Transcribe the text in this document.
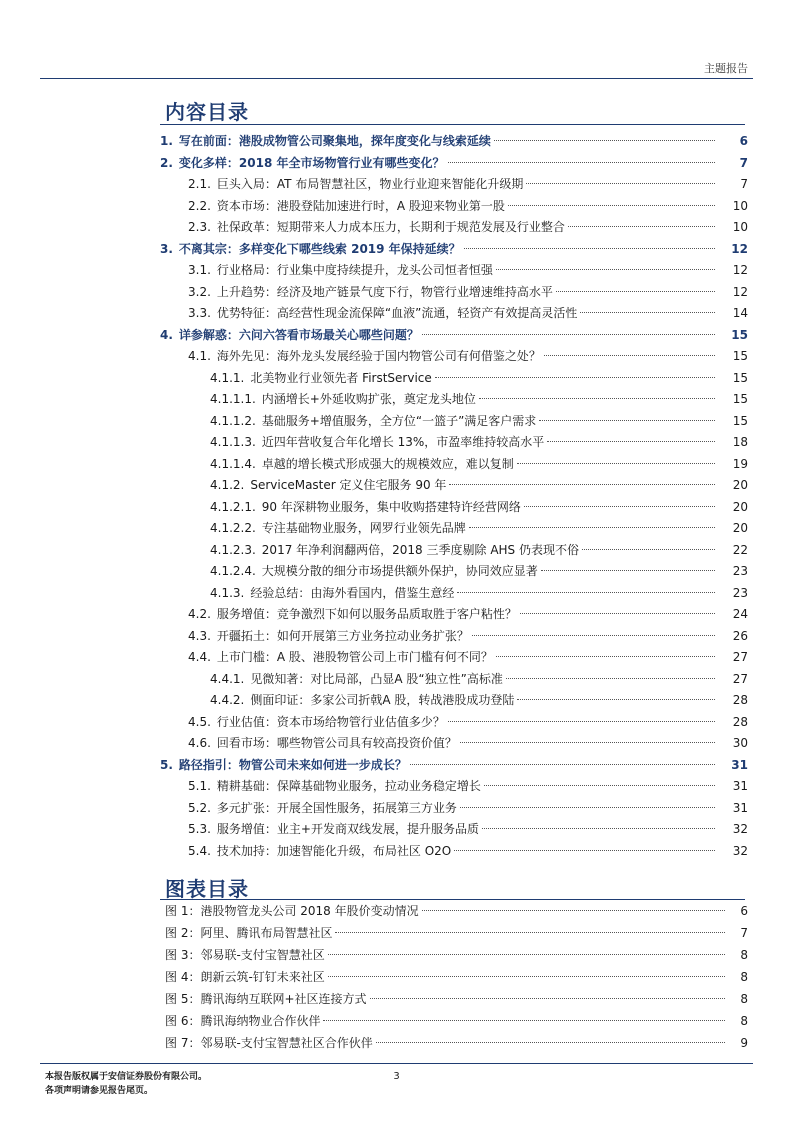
主题报告
内容目录
1. 写在前面：港股成物管公司聚集地，探年度变化与线索延续	6
2. 变化多样：2018 年全市场物管行业有哪些变化？	7
2.1. 巨头入局：AT 布局智慧社区，物业行业迎来智能化升级期	7
2.2. 资本市场：港股登陆加速进行时，A 股迎来物业第一股	10
2.3. 社保政革：短期带来人力成本压力，长期利于规范发展及行业整合	10
3. 不离其宗：多样变化下哪些线索 2019 年保持延续？	12
3.1. 行业格局：行业集中度持续提升，龙头公司恒者恒强	12
3.2. 上升趋势：经济及地产链景气度下行，物管行业增速维持高水平	12
3.3. 优势特征：高经营性现金流保障“血液”流通，轻资产有效提高灵活性	14
4. 详参解惑：六问六答看市场最关心哪些问题？	15
4.1. 海外先见：海外龙头发展经验于国内物管公司有何借鉴之处？	15
4.1.1. 北美物业行业领先者 FirstService	15
4.1.1.1. 内涵增长+外延收购扩张，奠定龙头地位	15
4.1.1.2. 基础服务+增值服务，全方位“一篮子”满足客户需求	15
4.1.1.3. 近四年营收复合年化增长 13%，市盈率维持较高水平	18
4.1.1.4. 卓越的增长模式形成强大的规模效应，难以复制	19
4.1.2. ServiceMaster 定义住宅服务 90 年	20
4.1.2.1. 90 年深耕物业服务，集中收购搭建特许经营网络	20
4.1.2.2. 专注基础物业服务，网罗行业领先品牌	20
4.1.2.3. 2017 年净利润翻两倍，2018 三季度剔除 AHS 仍表现不俗	22
4.1.2.4. 大规模分散的细分市场提供额外保护，协同效应显著	23
4.1.3. 经验总结：由海外看国内，借鉴生意经	23
4.2. 服务增值：竞争激烈下如何以服务品质取胜于客户粘性？	24
4.3. 开疆拓土：如何开展第三方业务拉动业务扩张？	26
4.4. 上市门槛：A 股、港股物管公司上市门槛有何不同？	27
4.4.1. 见微知著：对比局部，凸显A 股“独立性”高标准	27
4.4.2. 侧面印证：多家公司折戟A 股，转战港股成功登陆	28
4.5. 行业估值：资本市场给物管行业估值多少？	28
4.6. 回看市场：哪些物管公司具有较高投资价值？	30
5. 路径指引：物管公司未来如何进一步成长？	31
5.1. 精耕基础：保障基础物业服务，拉动业务稳定增长	31
5.2. 多元扩张：开展全国性服务，拓展第三方业务	31
5.3. 服务增值：业主+开发商双线发展，提升服务品质	32
5.4. 技术加持：加速智能化升级，布局社区 O2O	32
图表目录
图 1：港股物管龙头公司 2018 年股价变动情况	6
图 2：阿里、腾讯布局智慧社区	7
图 3：邻易联-支付宝智慧社区	8
图 4：朗新云筑-钉钉未来社区	8
图 5：腾讯海纳互联网+社区连接方式	8
图 6：腾讯海纳物业合作伙伴	8
图 7：邻易联-支付宝智慧社区合作伙伴	9
本报告版权属于安信证券股份有限公司。
各项声明请参见报告尾页。
3
